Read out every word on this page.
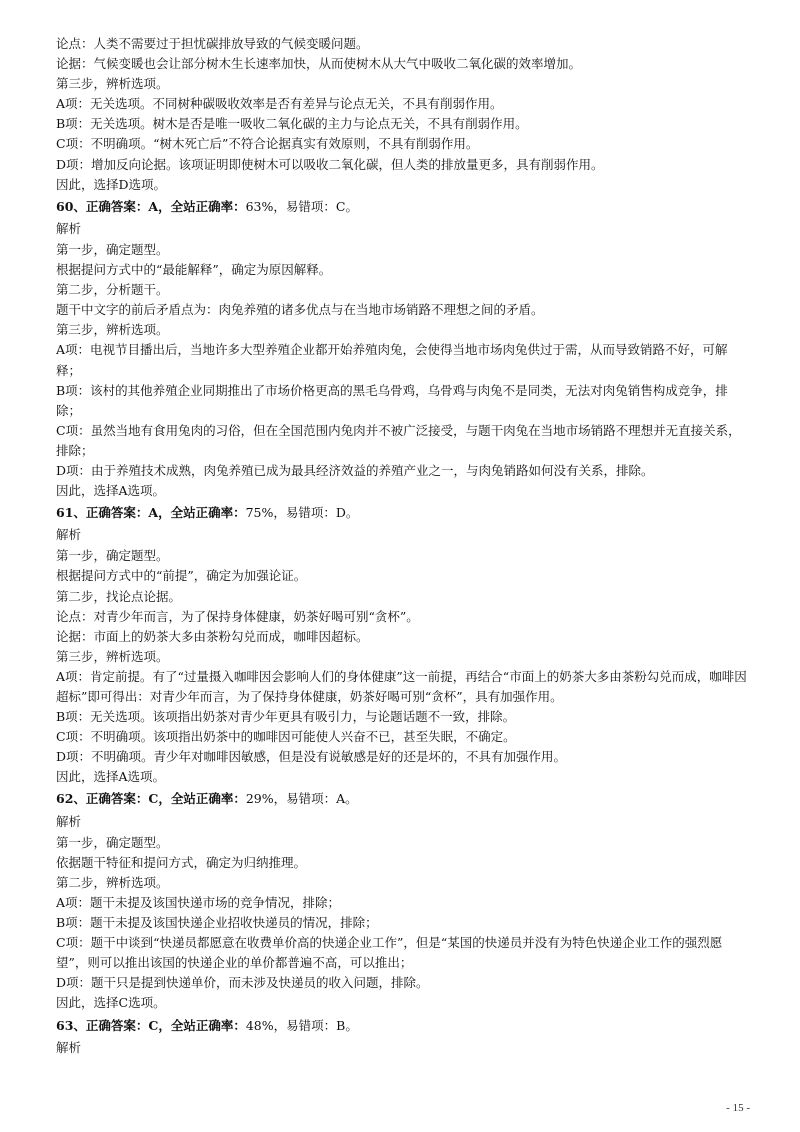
论点：人类不需要过于担忧碳排放导致的气候变暖问题。

论据：气候变暖也会让部分树木生长速率加快，从而使树木从大气中吸收二氧化碳的效率增加。

第三步，辨析选项。

A项：无关选项。不同树种碳吸收效率是否有差异与论点无关，不具有削弱作用。

B项：无关选项。树木是否是唯一吸收二氧化碳的主力与论点无关，不具有削弱作用。

C项：不明确项。“树木死亡后”不符合论据真实有效原则，不具有削弱作用。

D项：增加反向论据。该项证明即使树木可以吸收二氧化碳，但人类的排放量更多，具有削弱作用。

因此，选择D选项。

60、正确答案：A，全站正确率：63%，易错项：C。

解析

第一步，确定题型。

根据提问方式中的“最能解释”，确定为原因解释。

第二步，分析题干。

题干中文字的前后矛盾点为：肉兔养殖的诸多优点与在当地市场销路不理想之间的矛盾。

第三步，辨析选项。

A项：电视节目播出后，当地许多大型养殖企业都开始养殖肉兔，会使得当地市场肉兔供过于需，从而导致销路不好，可解释；

B项：该村的其他养殖企业同期推出了市场价格更高的黑毛乌骨鸡，乌骨鸡与肉兔不是同类，无法对肉兔销售构成竞争，排除；

C项：虽然当地有食用兔肉的习俗，但在全国范围内兔肉并不被广泛接受，与题干肉兔在当地市场销路不理想并无直接关系，排除；

D项：由于养殖技术成熟，肉兔养殖已成为最具经济效益的养殖产业之一，与肉兔销路如何没有关系，排除。

因此，选择A选项。

61、正确答案：A，全站正确率：75%，易错项：D。

解析

第一步，确定题型。

根据提问方式中的“前提”，确定为加强论证。

第二步，找论点论据。

论点：对青少年而言，为了保持身体健康，奶茶好喝可别“贪杯”。

论据：市面上的奶茶大多由茶粉勾兑而成，咖啡因超标。

第三步，辨析选项。

A项：肯定前提。有了“过量摄入咖啡因会影响人们的身体健康”这一前提，再结合“市面上的奶茶大多由茶粉勾兑而成，咖啡因超标”即可得出：对青少年而言，为了保持身体健康，奶茶好喝可别“贪杯”，具有加强作用。

B项：无关选项。该项指出奶茶对青少年更具有吸引力，与论题话题不一致，排除。

C项：不明确项。该项指出奶茶中的咖啡因可能使人兴奋不已，甚至失眠，不确定。

D项：不明确项。青少年对咖啡因敏感，但是没有说敏感是好的还是坏的，不具有加强作用。

因此，选择A选项。

62、正确答案：C，全站正确率：29%，易错项：A。

解析

第一步，确定题型。

依据题干特征和提问方式，确定为归纳推理。

第二步，辨析选项。

A项：题干未提及该国快递市场的竞争情况，排除；

B项：题干未提及该国快递企业招收快递员的情况，排除；

C项：题干中谈到“快递员都愿意在收费单价高的快递企业工作”，但是“某国的快递员并没有为特色快递企业工作的强烈愿望”，则可以推出该国的快递企业的单价都普遍不高，可以推出；

D项：题干只是提到快递单价，而未涉及快递员的收入问题，排除。

因此，选择C选项。

63、正确答案：C，全站正确率：48%，易错项：B。

解析

- 15 -
